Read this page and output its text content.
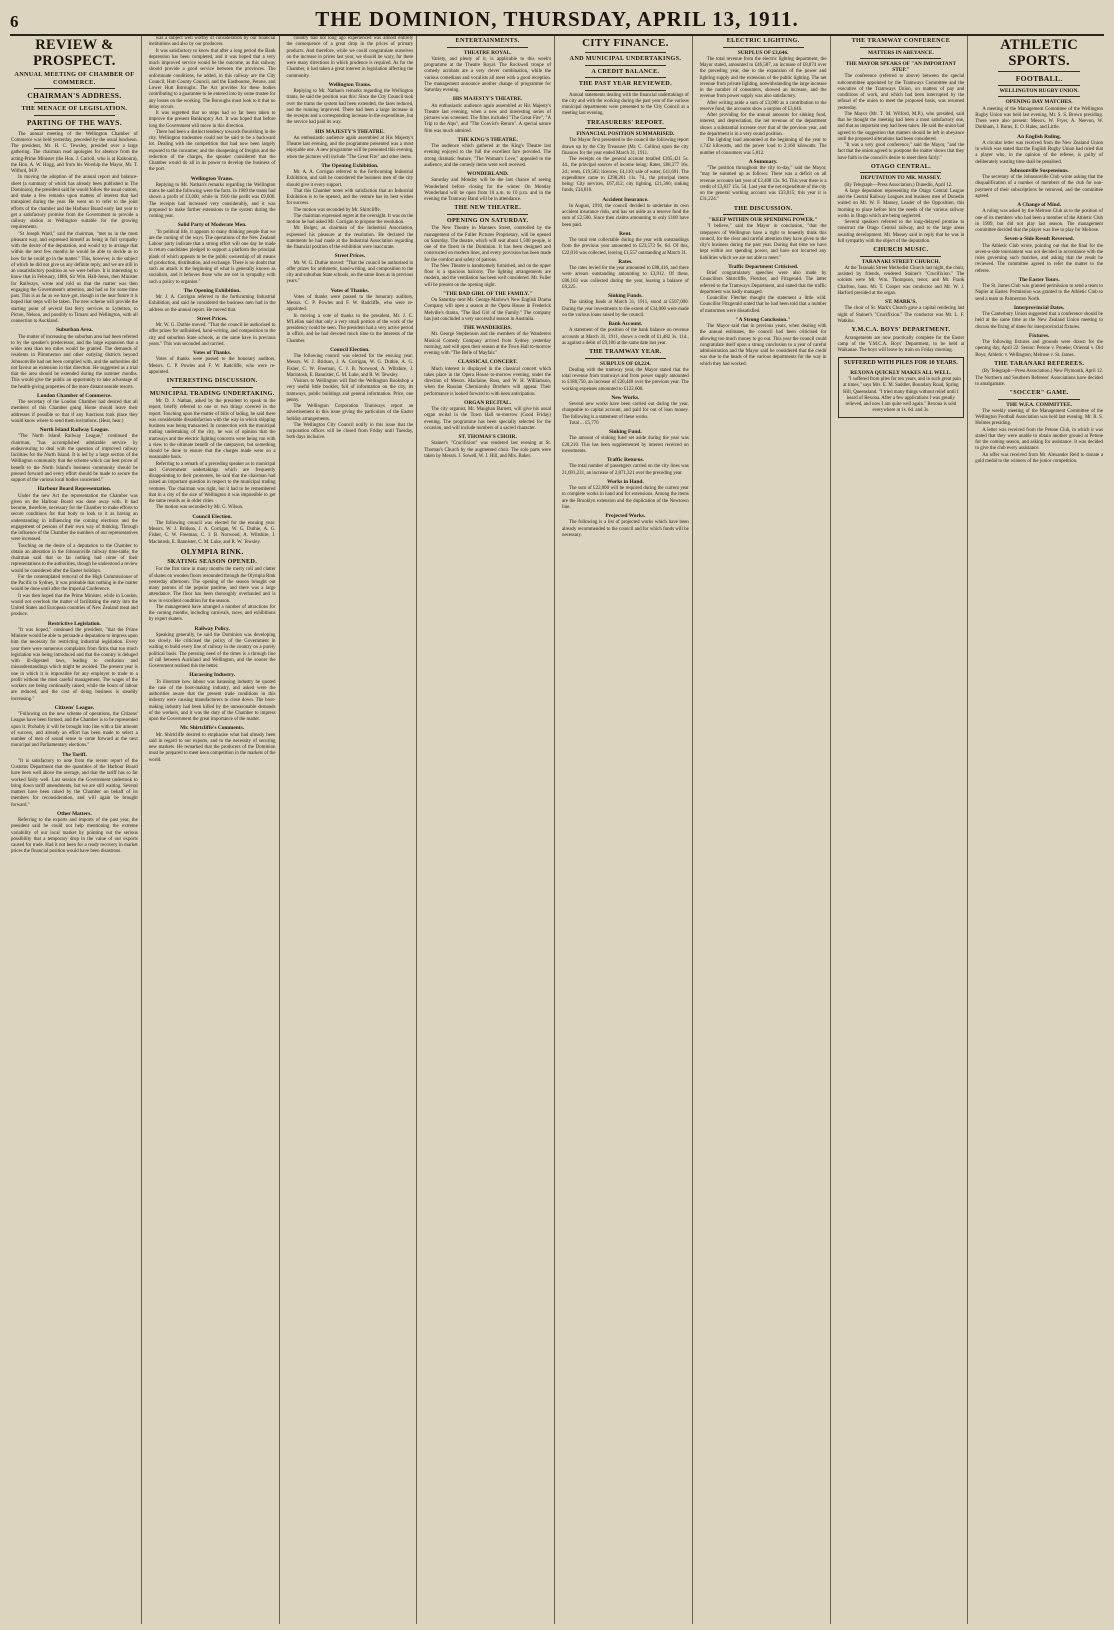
6	THE DOMINION, THURSDAY, APRIL 13, 1911.
REVIEW & PROSPECT.
ANNUAL MEETING OF CHAMBER OF COMMERCE.
CHAIRMAN'S ADDRESS.
THE MENACE OF LEGISLATION.
PARTING OF THE WAYS.

The annual meeting of the Wellington Chamber of Commerce was held yesterday, preceded by the usual luncheon. The president, Mr. H. C. Tewsley, presided over a large gathering. The chairman read apologies for absence from the acting-Prime Minister (the Hon. J. Carroll, who is at Kaikoura), the Hon. A. W. Hogg, and from his Worship the Mayor, Mr. T. Wilford, M.P.

In moving the adoption of the annual report and balance-sheet (a summary of which has already been published in The Dominion), the president said he would follow the usual custom, and make a few remarks upon matters of interest that had transpired during the year. He went on to refer to the joint efforts of the chamber and the Harbour Board early last year to get a satisfactory promise from the Government to provide a railway station at Wellington suitable for the growing requirements.

"St Joseph Ward," said the chairman, "met us in the most pleasant way, and expressed himself as being in full sympathy with the desire of the deputation, and would try to arrange that within the next few months he would be able to decide as to how far he could go in the matter." This, however, is the subject of which he did not give us any definite reply, and we are still in an unsatisfactory position as we were before. It is interesting to know that in February, 1886, Sir Wm. Hall-Jones, then Minister for Railways, wrote and told us that the matter was then engaging the Government's attention, and had so for some time past. This is as far as we have got, though in the near future it is hoped that steps will be taken. The new scheme will provide the starting point of several fast ferry services to Lyttelton, to Picton, Nelson, and possibly to Timaru and Wellington, with all connection to Auckland.

Suburban Area.

The matter of increasing the suburban area had been referred to by the speaker's predecessor, and the large expansion that a wider area than ten miles would be granted. The demands of residents in Plimmerton and other outlying districts beyond Johnsonville had not been complied with, and the authorities did not favour an extension in that direction. He suggested as a trial that the area should be extended during the summer months. This would give the public an opportunity to take advantage of the health-giving properties of the more distant seaside resorts.

London Chamber of Commerce.

The secretary of the London Chamber had desired that all members of this Chamber going Home should leave their addresses if possible so that if any functions took place they would know where to send them invitations. (Hear, hear.)

North Island Railway League.

"The North Island Railway League," continued the chairman, "has accomplished admirable service by endeavouring to deal with the question of improved railway facilities for the North Island. It is led by a large section of the Wellington community that the scheme which can best prove of benefit to the North Island's business community should be pressed forward and every effort should be made to secure the support of the various local bodies concerned."

Harbour Board Representation.

Under the new Act the representation the Chamber was given on the Harbour Board was done away with. It had become, therefore, necessary for the Chamber to make efforts to secure conditions for that body to look to it as having an understanding in influencing the coming elections and the engagement of persons of their own way of thinking. Through the influence of the Chamber the numbers of our representatives were increased.

Touching on the desire of a deputation to the Chamber to obtain an alteration in the Johnsonville railway time-table, the chairman said that so far nothing had come of their representations to the authorities, though he understood a review would be considered after the Easter holidays.

For the contemplated removal of the High Commissioner of the Pacific to Sydney, it was probable that nothing in the matter would be done until after the Imperial Conference.

It was then hoped that the Prime Minister, while in London, would not overlook the matter of facilitating the entry into the United States and European countries of New Zealand meat and produce.

Restrictive Legislation.

"It was hoped," continued the president, "that the Prime Minister would be able to persuade a deputation to impress upon him the necessity for restricting industrial legislation. Every year there were numerous complaints from firms that too much legislation was being introduced and that the country is deluged with ill-digested laws, leading to confusion and misunderstandings which might be avoided. The present year is one in which it is impossible for any employer to trade to a profit without the most careful management. The wages of the workers are being continually raised, while the hours of labour are reduced, and the cost of doing business is steadily increasing."

Citizens' League.

"Following on the new scheme of operations, the Citizens' League have been formed, and the Chamber is to be represented upon it. Probably it will be brought into line with a fair amount of success, and already an effort has been made to select a number of men of sound sense to come forward at the next municipal and Parliamentary elections."

The Tariff.

"It is satisfactory to note from the recent report of the Customs Department that the quantities of the Harbour Board have been well above the average, and that the tariff has so far worked fairly well. Last session the Government undertook to bring down tariff amendments, but we are still waiting. Several matters have been raised by the Chamber on behalf of its members for reconsideration, and will again be brought forward."

Other Matters.

Referring to the exports and imports of the past year, the president said he could not help mentioning the extreme variability of our local market by pointing out the serious possibility that a temporary drop in the value of our exports caused for trade. Had it not been for a ready recovery in market prices the financial position would have been disastrous.

was a subject well worthy of consideration by our financial institutions and also by our producers.

It was satisfactory to know that after a long period the Bank depression has been completed, and it was hoped that a very much improved service would be the outcome, as this railway should provide a good service between the provinces. The unfortunate conditions, he added, in this railway are the City Council, Hutt County Council, and the Eastbourne, Petone, and Lower Hutt Boroughs. The Act provides for these bodies contributing to a guarantee to be entered into by some trustee for any losses on the working. The Boroughs must look to it that no delay occurs.

It was regretted that no steps had so far been taken to improve the present Bankruptcy Act. It was hoped that before long the Government will move in this direction.

There had been a distinct tendency towards flourishing in the city. Wellington tradesmen could not be said to be a backward lot. Dealing with the competition that had now been largely exposed to the consumer, and the cheapening of freights and the reduction of the charges, the speaker considered that the Chamber would do all in its power to develop the business of the port.

Wellington Trams.

Replying to Mr. Nathan's remarks regarding the Wellington trams he said the following were the facts. In 1909 the trams had shown a profit of £3,000, while in 1910 the profit was £9,000. The receipts had increased very considerably, and it was proposed to make further extensions to the system during the coming year.

Solid Party of Moderate Men.

"In political life, it appears to many thinking people that we are the coming of the ways. The operations of the New Zealand Labour party indicate that a strong effort will one day be made to return candidates pledged to support a platform the principal plank of which appears to be the public ownership of all means of production, distribution, and exchange. There is no doubt that such an attack is the beginning of what is generally known as socialism, and it behoves those who are not in sympathy with such a policy to organise."

The Opening Exhibition.

Mr. J. A. Corrigan referred to the forthcoming Industrial Exhibition, and said he considered the business men had in the address on the annual report. He moved that.

Street Prices.

Mr. W. G. Duthie moved: "That the council be authorised to offer prizes for unfinished, hand-writing, and composition to the city and suburban State schools, as the same have in previous years." This was seconded and carried.

Votes of Thanks.

Votes of thanks were passed to the honorary auditors, Messrs. C. P. Powles and F. W. Radcliffe, who were re-appointed.

INTERESTING DISCUSSION.
MUNICIPAL TRADING UNDERTAKING.

Mr. D. J. Nathan, asked by the president to speak to the report, briefly referred to one or two things covered in the report. Touching upon the matter of bills of lading, he said there was considerable dissatisfaction with the way in which shipping business was being transacted. In connection with the municipal trading undertaking of the city, he was of opinion that the tramways and the electric lighting concerns were being run with a view to the ultimate benefit of the ratepayers, but something should be done to ensure that the charges made were on a reasonable basis.

Referring to a remark of a preceding speaker as to municipal and Government undertakings which are frequently disappointing to their promoters, he said that the chairman had raised an important question in respect to the municipal trading ventures. The chairman was right, but it had to be remembered that in a city of the size of Wellington it was impossible to get the same results as in older cities.

The motion was seconded by Mr. G. Wilson.

Council Election.

The following council was elected for the ensuing year: Messrs. W. J. Bridson, J. A. Corrigan, W. G. Duthie, A. G. Fisher, C. W. Freeman, C. J. B. Norwood, A. Wiltshire, J. Macintosh, E. Bannister, C. M. Luke, and R. W. Tewsley.

OLYMPIA RINK.
SKATING SEASON OPENED.

For the first time in many months the merry roll and clatter of skates on wooden floors resounded through the Olympia Rink yesterday afternoon. The opening of the season brought out many patrons of the popular pastime, and there was a large attendance. The floor has been thoroughly overhauled and is now in excellent condition for the season.

The management have arranged a number of attractions for the coming months, including carnivals, races, and exhibitions by expert skaters.

Railway Policy.

Speaking generally, he said the Dominion was developing too slowly. He criticised the policy of the Government in waiting to build every line of railway in the country on a purely political basis. The pressing need of the times is a through line of rail between Auckland and Wellington, and the sooner the Government realised this the better.

Harassing Industry.

To illustrate how labour was harassing industry he quoted the case of the boot-making industry, and asked were the authorities aware that the present trade conditions in this industry were causing manufacturers to close down. The boot-making industry had been killed by the unreasonable demands of the workers, and it was the duty of the Chamber to impress upon the Government the great importance of the matter.

Mr. Shirtcliffe's Comments.

Mr. Shirtcliffe desired to emphasise what had already been said in regard to our exports, and to the necessity of securing new markets. He remarked that the producers of the Dominion must be prepared to meet keen competition in the markets of the world.

country had not long ago experienced was almost entirely the consequence of a great drop in the prices of primary products. And therefore, while we could congratulate ourselves on the increase in prices last year, we should be wary, for there were many directions in which prudence is required. As for the Chamber, it had taken a great interest in legislation affecting the community.

Wellington Trams.

Replying to Mr. Nathan's remarks regarding the Wellington trams, he said the position was this: Since the City Council took over the trams the system had been extended, the fares reduced, and the running improved. There had been a large increase in the receipts and a corresponding increase in the expenditure, but the service had paid its way.

HIS MAJESTY'S THEATRE.

An enthusiastic audience again assembled at His Majesty's Theatre last evening, and the programme presented was a most enjoyable one. A new programme will be presented this evening, when the pictures will include "The Great Fire" and other items.

The Opening Exhibition.

Mr. A. A. Corrigan referred to the forthcoming Industrial Exhibition, and said he considered the business men of the city should give it every support.

That this Chamber notes with satisfaction that an Industrial Exhibition is to be opened, and the venture has its best wishes for success.

The motion was seconded by Mr. Shirtcliffe.

The chairman expressed regret at the oversight. It was on the motion he had asked Mr. Corrigan to propose the resolution.

Mr. Bolger, as chairman of the Industrial Association, expressed his pleasure at the resolution. He declared the statements he had made at the Industrial Association regarding the financial position of the exhibition were inaccurate.

Street Prices.

Mr. W. G. Duthie moved: "That the council be authorised to offer prizes for arithmetic, hand-writing, and composition to the city and suburban State schools, on the same lines as in previous years."

Votes of Thanks.

Votes of thanks were passed to the honorary auditors, Messrs. C. P. Powles and F. W. Radcliffe, who were re-appointed.

In moving a vote of thanks to the president, Mr. J. C. M'Lellan said that only a very small portion of the work of the presidency could be seen. The president had a very active period in office, and he had devoted much time to the interests of the Chamber.

Council Election.

The following council was elected for the ensuing year: Messrs. W. J. Bridson, J. A. Corrigan, W. G. Duthie, A. G. Fisher, C. W. Freeman, C. J. B. Norwood, A. Wiltshire, J. Macintosh, E. Bannister, C. M. Luke, and R. W. Tewsley.

Visitors to Wellington will find the Wellington Bookshop a very useful little booklet, full of information on the city, its tramways, public buildings and general information. Price, one penny.

The Wellington Corporation Tramways report an advertisement in this issue giving the particulars of the Easter holiday arrangements.

The Wellington City Council notify in this issue that the corporation offices will be closed from Friday until Tuesday, both days inclusive.

ENTERTAINMENTS.
THEATRE ROYAL.

Variety, and plenty of it, is applicable to this week's programme at the Theatre Royal. The Rockwell troupe of comedy acrobats are a very clever combination, while the various comedians and vocalists all meet with a good reception. The management announce another change of programme for Saturday evening.

HIS MAJESTY'S THEATRE.

An enthusiastic audience again assembled at His Majesty's Theatre last evening, when a new and interesting series of pictures was screened. The films included "The Great Fire", "A Trip to the Alps", and "The Convict's Return". A special nature film was much admired.

THE KING'S THEATRE.

The audience which gathered at the King's Theatre last evening enjoyed to the full the excellent fare provided. The strong dramatic feature, "The Woman's Love," appealed to the audience, and the comedy items were well received.

WONDERLAND.

Saturday and Monday will be the last chance of seeing Wonderland before closing for the winter. On Monday Wonderland will be open from 10 a.m. to 10 p.m. and in the evening the Tramway Band will be in attendance.

THE NEW THEATRE.
OPENING ON SATURDAY.

The New Theatre in Manners Street, controlled by the management of the Fuller Pictures Proprietary, will be opened on Saturday. The theatre, which will seat about 1,500 people, is one of the finest in the Dominion. It has been designed and constructed on modern lines, and every provision has been made for the comfort and safety of patrons.

The New Theatre is handsomely furnished, and on the upper floor is a spacious balcony. The lighting arrangements are modern, and the ventilation has been well considered. Mr. Fuller will be present on the opening night.

"THE BAD GIRL OF THE FAMILY."

On Saturday next Mr. George Marlow's New English Drama Company will open a season at the Opera House in Frederick Melville's drama, "The Bad Girl of the Family." The company has just concluded a very successful season in Australia.

THE WANDERERS.

Mr. George Stephenson and the members of the Wanderers Musical Comedy Company arrived from Sydney yesterday morning, and will open their season at the Town Hall to-morrow evening with "The Belle of Mayfair."

CLASSICAL CONCERT.

Much interest is displayed in the classical concert which takes place in the Opera House to-morrow evening, under the direction of Messrs. Maclaine, Ross, and W. H. Williamson, when the Russian Cherniavsky Brothers will appear. Their performance is looked forward to with keen anticipation.

ORGAN RECITAL.

The city organist, Mr. Maughan Barnett, will give his usual organ recital in the Town Hall to-morrow (Good Friday) evening. The programme has been specially selected for the occasion, and will include numbers of a sacred character.

ST. THOMAS'S CHOIR.

Stainer's "Crucifixion" was rendered last evening at St. Thomas's Church by the augmented choir. The solo parts were taken by Messrs. J. Sowell, W. J. Hill, and Mrs. Baker.

CITY FINANCE.
AND MUNICIPAL UNDERTAKINGS.
A CREDIT BALANCE.
THE PAST YEAR REVIEWED.

Annual statements dealing with the financial undertakings of the city and with the working during the past year of the various municipal departments were presented to the City Council at a meeting last evening.

TREASURERS' REPORT.
FINANCIAL POSITION SUMMARISED.

The Mayor first presented to the council the following report drawn up by the City Treasurer (Mr. C. Collins) upon the city finances for the year ended March 31, 1911.

The receipts on the general account totalled £305,421 5s. 4d., the principal sources of income being: Rates, £88,377 16s. 2d.; rents, £19,582; licences, £4,110; sale of water, £41,691. The expenditure came to £298,261 11s. 7d., the principal items being: City services, £67,412; city lighting, £21,360; sinking funds, £34,810.

Accident Insurance.

In August, 1910, the council decided to undertake its own accident insurance risks, and has set aside as a reserve fund the sum of £2,500. Since then claims amounting to only £180 have been paid.

Rent.

The total rent collectable during the year with outstandings from the previous year amounted to £23,573 9s. 6d. Of this, £22,016 was collected, leaving £1,557 outstanding at March 31.

Rates.

The rates levied for the year amounted to £88,416, and there were arrears outstanding amounting to £3,912. Of these, £86,103 was collected during the year, leaving a balance of £6,225.

Sinking Funds.

The sinking funds at March 31, 1911, stood at £507,000. During the year investments to the extent of £34,000 were made on the various loans raised by the council.

Bank Account.

A statement of the position of the bank balance on revenue accounts at March 31, 1911, shows a credit of £1,482 3s. 11d., as against a debit of £9,106 at the same date last year.

THE TRAMWAY YEAR.
SURPLUS OF £8,224.

Dealing with the tramway year, the Mayor stated that the total revenue from tramways and from power supply amounted to £188,750, an increase of £20,440 over the previous year. The working expenses amounted to £122,600.

New Works.

Several new works have been carried out during the year, chargeable to capital account, and paid for out of loan money. The following is a statement of these works.

Total ... £5,770

Sinking Fund.

The amount of sinking fund set aside during the year was £20,210. This has been supplemented by interest received on investments.

Traffic Returns.

The total number of passengers carried on the city lines was 21,691,231, an increase of 2,871,321 over the preceding year.

Works in Hand.

The sum of £22,000 will be required during the current year to complete works in hand and for extensions. Among the items are the Brooklyn extension and the duplication of the Newtown line.

Projected Works.

The following is a list of projected works which have been already recommended to the council and for which funds will be necessary.

ELECTRIC LIGHTING.
SURPLUS OF £3,646.

The total revenue from the electric lighting department, the Mayor stated, amounted to £46,587, an increase of £8,874 over the preceding year, due to the expansion of the power and lighting supply and the extension of the public lighting. The net revenue from private lighting, notwithstanding the large increase in the number of consumers, showed an increase, and the revenue from power supply was also satisfactory.

After writing aside a sum of £3,000 as a contribution to the reserve fund, the accounts show a surplus of £3,646.

After providing for the annual amounts for sinking fund, interest, and depreciation, the net revenue of the department shows a substantial increase over that of the previous year, and the department is in a very sound position.

The lighting load amounted at the beginning of the year to 1,742 kilowatts, and the power load to 2,160 kilowatts. The number of consumers was 5,812.

A Summary.

"The position throughout the city to-day," said the Mayor, "may be summed up as follows: There was a deficit on all revenue accounts last year of £3,408 13s. 9d. This year there is a credit of £3,837 15s. 5d. Last year the net expenditure of the city on the general working account was £33,815; this year it is £31,224."

THE DISCUSSION.
"KEEP WITHIN OUR SPENDING POWER."

"I believe," said the Mayor in conclusion, "that the ratepayers of Wellington have a right to honestly think this council, for the clear and careful attention they have given to the city's business during the past year. During that time we have kept within our spending power, and have not incurred any liabilities which we are not able to meet."

Traffic Department Criticised.

Brief congratulatory speeches were also made by Councillors Shirtcliffe, Fletcher, and Fitzgerald. The latter referred to the Tramways Department, and stated that the traffic department was badly managed.

Councillor Fletcher thought the statement a little wild. Councillor Fitzgerald stated that he had been told that a number of motormen were dissatisfied.

"A Strong Conclusion."

The Mayor said that in previous years, when dealing with the annual estimates, the council had been criticised for allowing too much money to go out. This year the council could congratulate itself upon a strong conclusion to a year of careful administration and the Mayor said he considered that the credit was due to the heads of the various departments for the way in which they had worked.

THE TRAMWAY CONFERENCE
MATTERS IN ABEYANCE.
THE MAYOR SPEAKS OF "AN IMPORTANT STEP."

The conference (referred to above) between the special subcommittee appointed by the Tramways Committee and the executive of the Tramways Union, on matters of pay and conditions of work, and which had been interrupted by the refusal of the union to meet the proposed basis, was resumed yesterday.

The Mayor (Mr. T. M. Wilford, M.P.), who presided, said that he thought the meeting had been a most satisfactory one, and that an important step had been taken. He said the union had agreed to the suggestion that matters should be left in abeyance until the proposed alterations had been considered.

"It was a very good conference," said the Mayor, "and the fact that the union agreed to postpone the matter shows that they have faith in the council's desire to meet them fairly."

OTAGO CENTRAL.
DEPUTATION TO MR. MASSEY.

(By Telegraph—Press Association.) Dunedin, April 12.

A large deputation representing the Otago Central League and the Central Railway Leagues and business men of Dunedin waited on Mr. W. F. Massey, Leader of the Opposition, this morning to place before him the needs of the various railway works in Otago which are being neglected.

Several speakers referred to the long-delayed promise to construct the Otago Central railway, and to the large areas awaiting development. Mr. Massey said in reply that he was in full sympathy with the object of the deputation.

CHURCH MUSIC.
TARANAKI STREET CHURCH.

At the Taranaki Street Methodist Church last night, the choir, assisted by friends, rendered Stainer's "Crucifixion." The soloists were Mr. Wm. Thompson, tenor, and Mr. Frank Charlton, bass. Mr. T. Cooper was conductor and Mr. W. J. Harford presided at the organ.

ST. MARK'S.

The choir of St. Mark's Church gave a capital rendering last night of Stainer's "Crucifixion." The conductor was Mr. L. F. Watkins.

Y.M.C.A. BOYS' DEPARTMENT.

Arrangements are now practically complete for the Easter camp of the Y.M.C.A. Boys' Department, to be held at Waikanae. The boys will leave by train on Friday morning.

SUFFERED WITH PILES FOR 10 YEARS.
REXONA QUICKLY MAKES ALL WELL.

"I suffered from piles for ten years, and in such great pain at times," says Mrs. E. M. Saddler, Boundary Road, Spring Hill, Queensland. "I tried many things without relief until I heard of Rexona. After a few applications I was greatly relieved, and now I am quite well again." Rexona is sold everywhere at 1s. 6d. and 3s.

ATHLETIC SPORTS.
FOOTBALL.
WELLINGTON RUGBY UNION.
OPENING DAY MATCHES.

A meeting of the Management Committee of the Wellington Rugby Union was held last evening, Mr. S. S. Brown presiding. There were also present: Messrs. W. Fryer, A. Neevon, W. Dorkham, J. Burns, E. O. Hales, and Little.

An English Ruling.

A circular letter was received from the New Zealand Union in which was stated that the English Rugby Union had ruled that a player who, in the opinion of the referee, is guilty of deliberately wasting time shall be penalised.

Johnsonville Suspensions.

The secretary of the Johnsonville Club wrote asking that the disqualification of a number of members of the club for non-payment of their subscriptions be removed, and the committee agreed.

A Change of Mind.

A ruling was asked by the Melrose Club as to the position of one of its members who had been a member of the Athletic Club in 1909, but did not play last season. The management committee decided that the player was free to play for Melrose.

Seven-a-Side Result Reversed.

The Athletic Club wrote, pointing out that the final for the seven-a-side tournament was not decided in accordance with the rules governing such matches, and asking that the result be reviewed. The committee agreed to refer the matter to the referee.

The Easter Tours.

The St. James Club was granted permission to send a team to Napier at Easter. Permission was granted to the Athletic Club to send a team to Palmerston North.

Interprovincial Dates.

The Canterbury Union suggested that a conference should be held at the same time as the New Zealand Union meeting to discuss the fixing of dates for interprovincial fixtures.

Fixtures.

The following fixtures and grounds were drawn for the opening day, April 22: Senior: Petone v. Poneke; Oriental v. Old Boys; Athletic v. Wellington; Melrose v. St. James.

THE TARANAKI REFEREES.

(By Telegraph—Press Association.) New Plymouth, April 12. The Northern and Southern Referees' Associations have decided to amalgamate.

"SOCCER" GAME.
THE W.F.A. COMMITTEE.

The weekly meeting of the Management Committee of the Wellington Football Association was held last evening. Mr. R. S. Holmes presiding.

A letter was received from the Petone Club, in which it was stated that they were unable to obtain another ground at Petone for the coming season, and asking for assistance. It was decided to give the club every assistance.

An offer was received from Mr. Alexander Reid to donate a gold medal to the winners of the junior competition.
